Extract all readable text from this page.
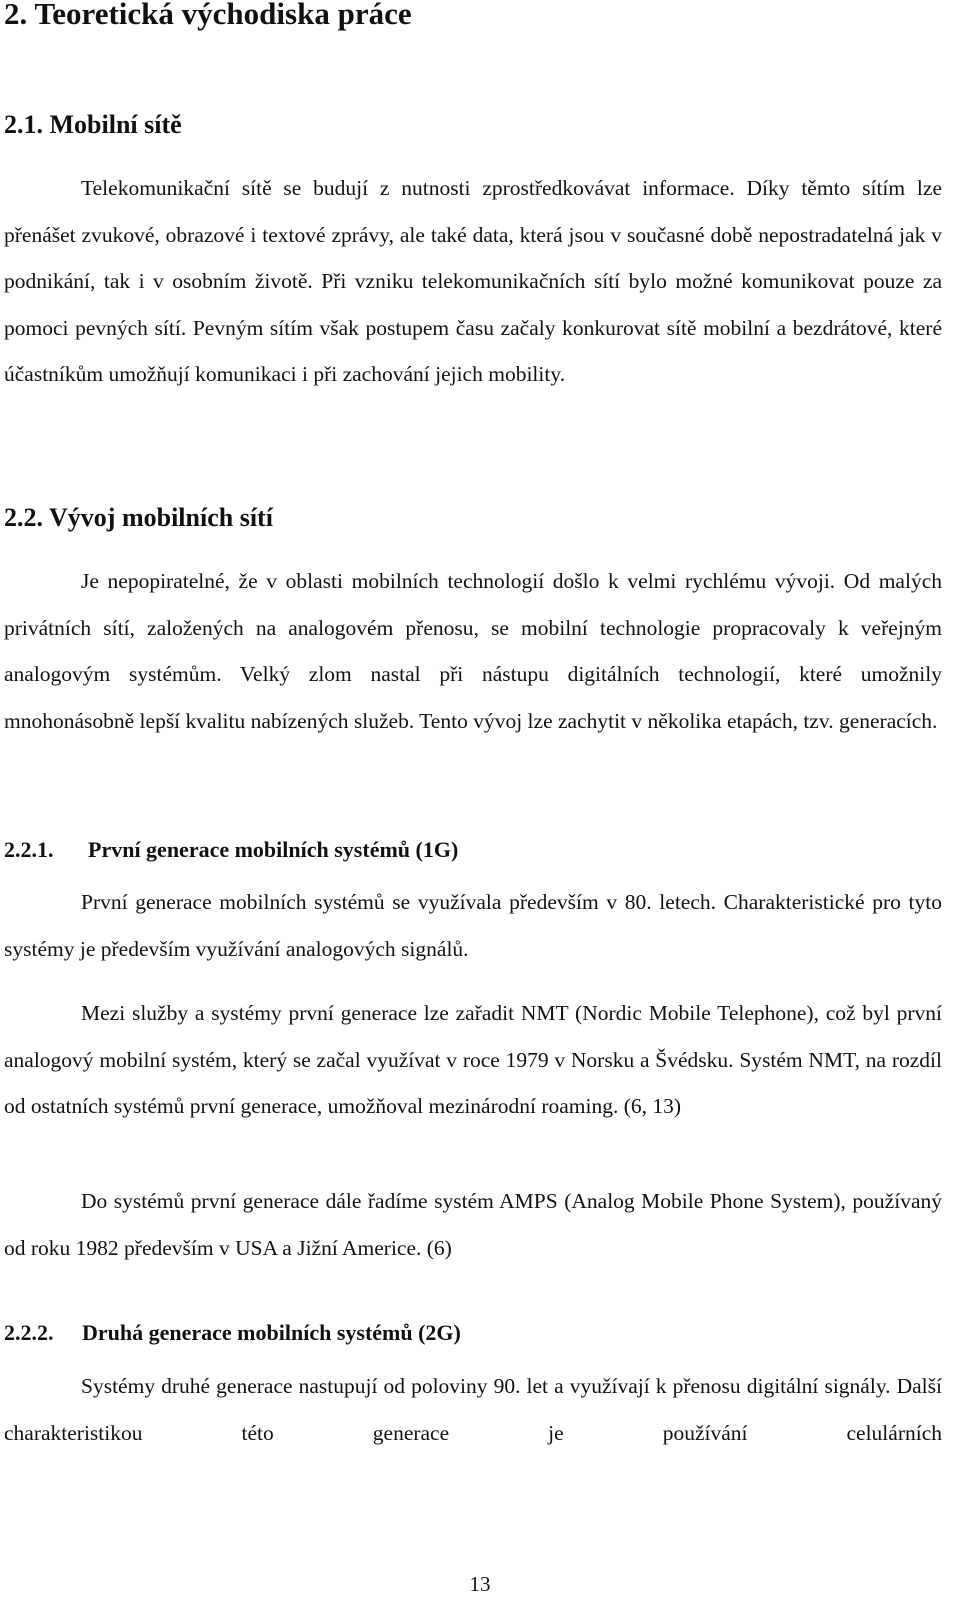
2. Teoretická východiska práce
2.1. Mobilní sítě

Telekomunikační sítě se budují z nutnosti zprostředkovávat informace. Díky těmto sítím lze přenášet zvukové, obrazové i textové zprávy, ale také data, která jsou v současné době nepostradatelná jak v podnikání, tak i v osobním životě. Při vzniku telekomunikačních sítí bylo možné komunikovat pouze za pomoci pevných sítí. Pevným sítím však postupem času začaly konkurovat sítě mobilní a bezdrátové, které účastníkům umožňují komunikaci i při zachování jejich mobility.

2.2. Vývoj mobilních sítí

Je nepopiratelné, že v oblasti mobilních technologií došlo k velmi rychlému vývoji. Od malých privátních sítí, založených na analogovém přenosu, se mobilní technologie propracovaly k veřejným analogovým systémům. Velký zlom nastal při nástupu digitálních technologií, které umožnily mnohonásobně lepší kvalitu nabízených služeb. Tento vývoj lze zachytit v několika etapách, tzv. generacích.

2.2.1. První generace mobilních systémů (1G)

První generace mobilních systémů se využívala především v 80. letech. Charakteristické pro tyto systémy je především využívání analogových signálů.

Mezi služby a systémy první generace lze zařadit NMT (Nordic Mobile Telephone), což byl první analogový mobilní systém, který se začal využívat v roce 1979 v Norsku a Švédsku. Systém NMT, na rozdíl od ostatních systémů první generace, umožňoval mezinárodní roaming. (6, 13)

Do systémů první generace dále řadíme systém AMPS (Analog Mobile Phone System), používaný od roku 1982 především v USA a Jižní Americe. (6)

2.2.2. Druhá generace mobilních systémů (2G)

Systémy druhé generace nastupují od poloviny 90. let a využívají k přenosu digitální signály. Další charakteristikou této generace je používání celulárních

13
